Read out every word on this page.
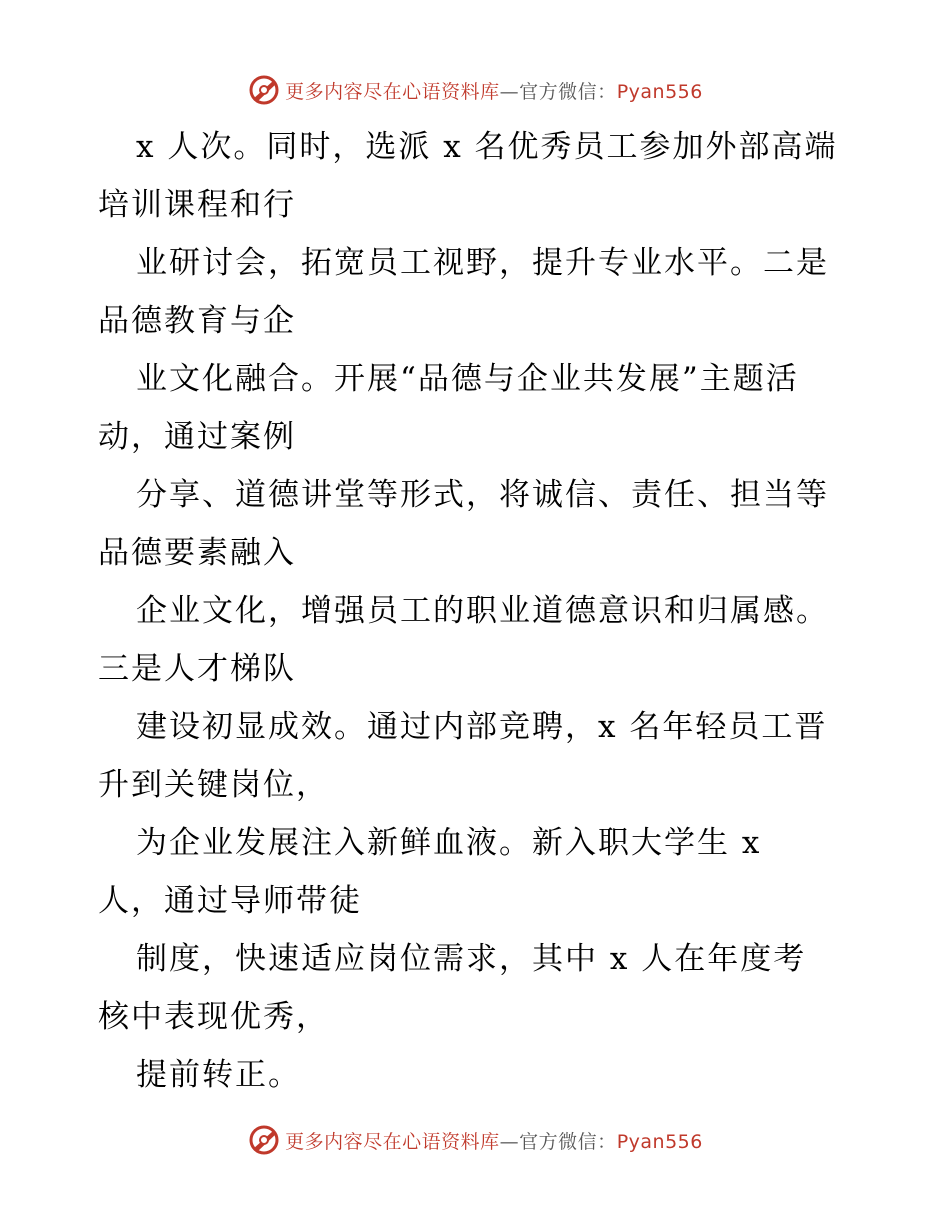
更多内容尽在心语资料库—官方微信：Pyan556

x 人次。同时，选派 x 名优秀员工参加外部高端

培训课程和行

业研讨会，拓宽员工视野，提升专业水平。二是

品德教育与企

业文化融合。开展“品德与企业共发展”主题活

动，通过案例

分享、道德讲堂等形式，将诚信、责任、担当等

品德要素融入

企业文化，增强员工的职业道德意识和归属感。

三是人才梯队

建设初显成效。通过内部竞聘，x 名年轻员工晋

升到关键岗位，

为企业发展注入新鲜血液。新入职大学生 x

人，通过导师带徒

制度，快速适应岗位需求，其中 x 人在年度考

核中表现优秀，

提前转正。

更多内容尽在心语资料库—官方微信：Pyan556
